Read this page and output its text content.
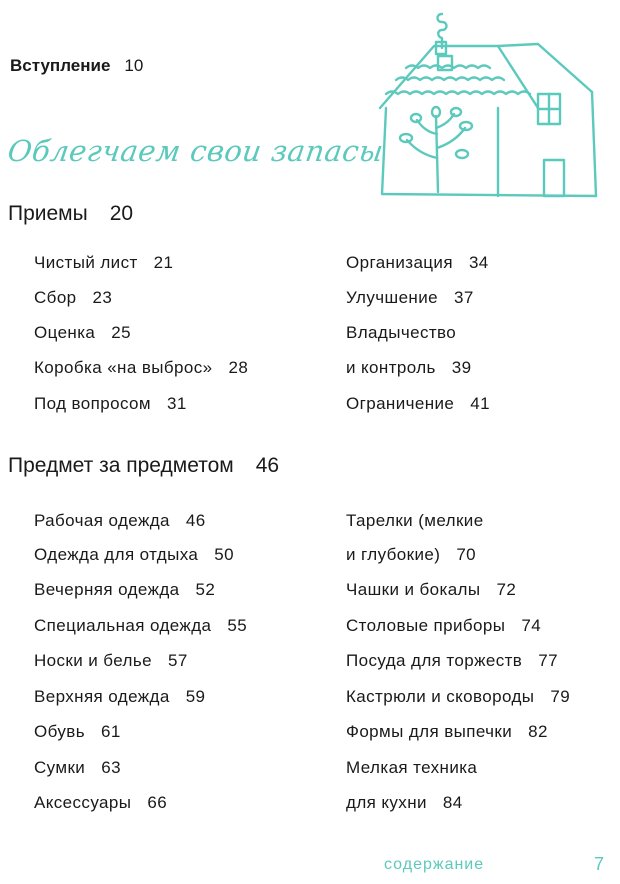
Вступление 10
Облегчаем свои запасы
Приемы 20
Чистый лист 21
Сбор 23
Оценка 25
Коробка «на выброс» 28
Под вопросом 31
Организация 34
Улучшение 37
Владычество
и контроль 39
Ограничение 41
Предмет за предметом 46
Рабочая одежда 46
Одежда для отдыха 50
Вечерняя одежда 52
Специальная одежда 55
Носки и белье 57
Верхняя одежда 59
Обувь 61
Сумки 63
Аксессуары 66
Тарелки (мелкие
и глубокие) 70
Чашки и бокалы 72
Столовые приборы 74
Посуда для торжеств 77
Кастрюли и сковороды 79
Формы для выпечки 82
Мелкая техника
для кухни 84
содержание	7
